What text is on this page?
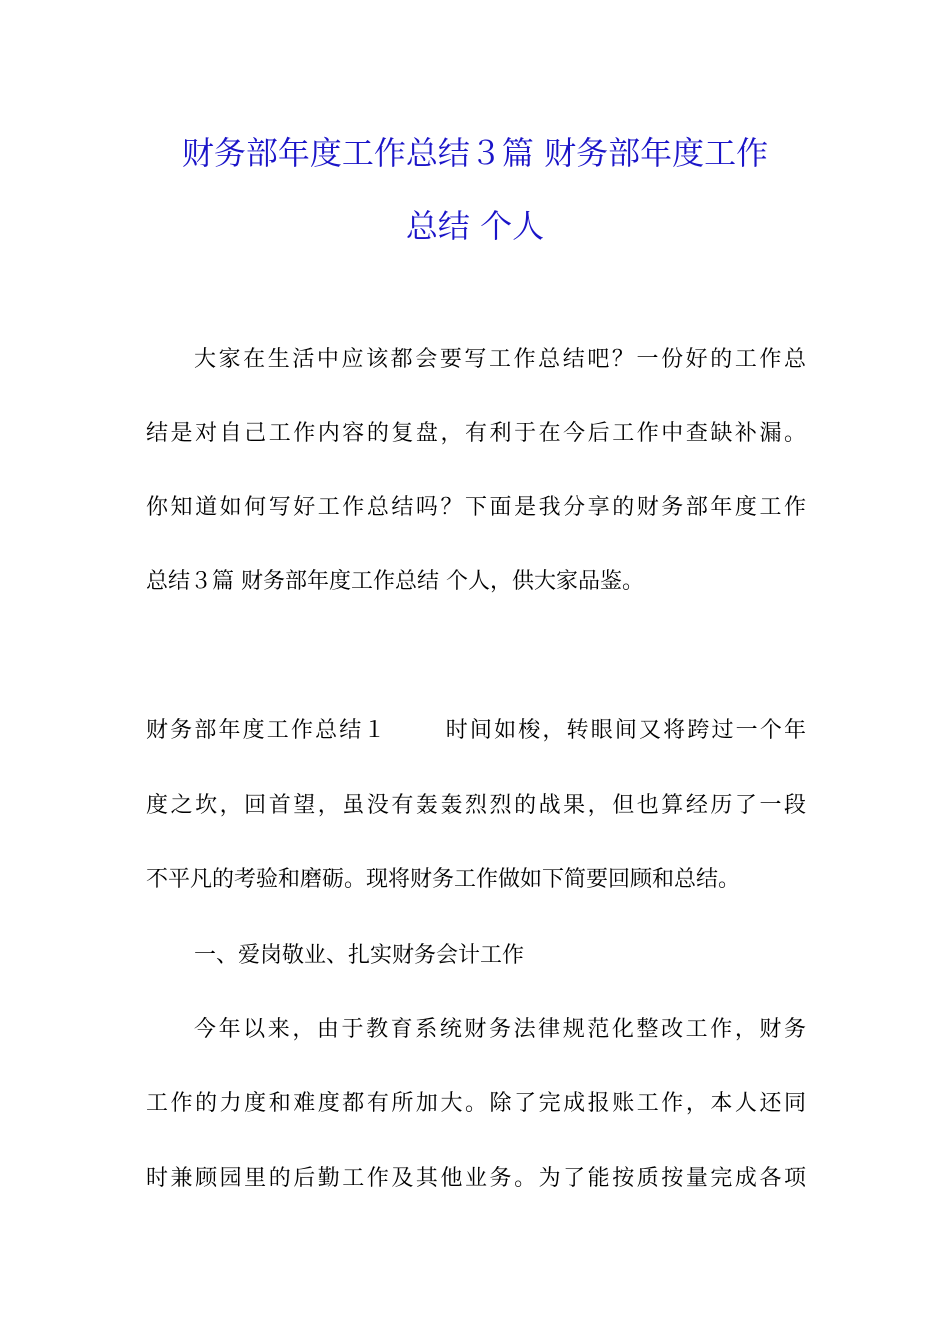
财务部年度工作总结３篇 财务部年度工作
总结 个人
大家在生活中应该都会要写工作总结吧？一份好的工作总
结是对自己工作内容的复盘，有利于在今后工作中查缺补漏。
你知道如何写好工作总结吗？下面是我分享的财务部年度工作
总结３篇 财务部年度工作总结 个人，供大家品鉴。
财务部年度工作总结１	时间如梭，转眼间又将跨过一个年
度之坎，回首望，虽没有轰轰烈烈的战果，但也算经历了一段
不平凡的考验和磨砺。现将财务工作做如下简要回顾和总结。
一、爱岗敬业、扎实财务会计工作
今年以来，由于教育系统财务法律规范化整改工作，财务
工作的力度和难度都有所加大。除了完成报账工作，本人还同
时兼顾园里的后勤工作及其他业务。为了能按质按量完成各项
